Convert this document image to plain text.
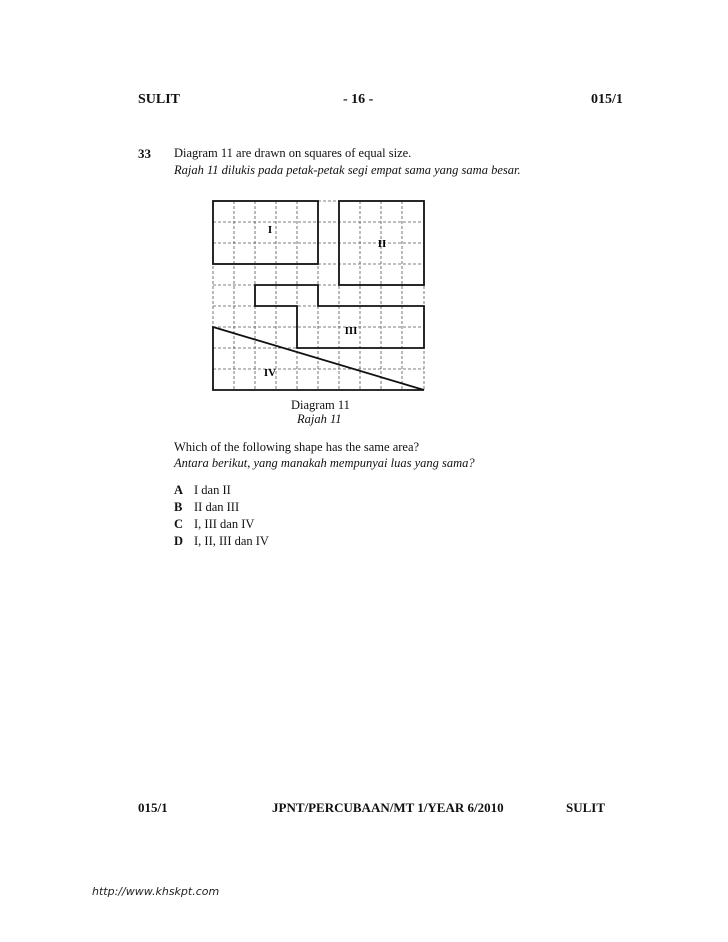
SULIT	- 16 -	015/1
33 Diagram 11 are drawn on squares of equal size.
Rajah 11 dilukis pada petak-petak segi empat sama yang sama besar.
I
II
III
IV
Diagram 11
Rajah 11
Which of the following shape has the same area?
Antara berikut, yang manakah mempunyai luas yang sama?
A I dan II
B II dan III
C I, III dan IV
D I, II, III dan IV
015/1	JPNT/PERCUBAAN/MT 1/YEAR 6/2010	SULIT
http://www.khskpt.com
